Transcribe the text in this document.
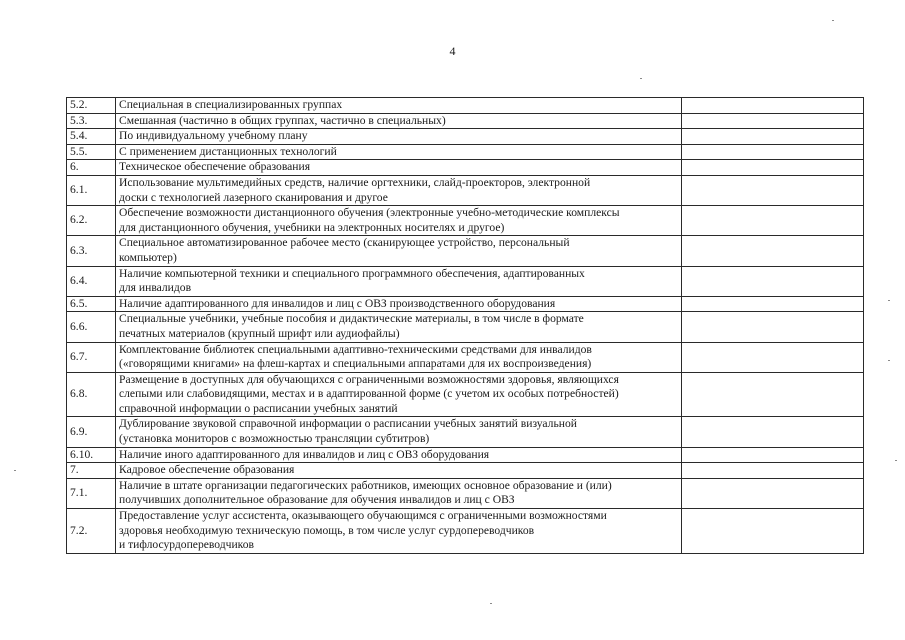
4
5.2.	Специальная в специализированных группах	
5.3.	Смешанная (частично в общих группах, частично в специальных)	
5.4.	По индивидуальному учебному плану	
5.5.	С применением дистанционных технологий	
6.	Техническое обеспечение образования	
6.1.	Использование мультимедийных средств, наличие оргтехники, слайд-проекторов, электронной
доски с технологией лазерного сканирования и другое	
6.2.	Обеспечение возможности дистанционного обучения (электронные учебно-методические комплексы
для дистанционного обучения, учебники на электронных носителях и другое)	
6.3.	Специальное автоматизированное рабочее место (сканирующее устройство, персональный
компьютер)	
6.4.	Наличие компьютерной техники и специального программного обеспечения, адаптированных
для инвалидов	
6.5.	Наличие адаптированного для инвалидов и лиц с ОВЗ производственного оборудования	
6.6.	Специальные учебники, учебные пособия и дидактические материалы, в том числе в формате
печатных материалов (крупный шрифт или аудиофайлы)	
6.7.	Комплектование библиотек специальными адаптивно-техническими средствами для инвалидов
(«говорящими книгами» на флеш-картах и специальными аппаратами для их воспроизведения)	
6.8.	Размещение в доступных для обучающихся с ограниченными возможностями здоровья, являющихся
слепыми или слабовидящими, местах и в адаптированной форме (с учетом их особых потребностей)
справочной информации о расписании учебных занятий	
6.9.	Дублирование звуковой справочной информации о расписании учебных занятий визуальной
(установка мониторов с возможностью трансляции субтитров)	
6.10.	Наличие иного адаптированного для инвалидов и лиц с ОВЗ оборудования	
7.	Кадровое обеспечение образования	
7.1.	Наличие в штате организации педагогических работников, имеющих основное образование и (или)
получивших дополнительное образование для обучения инвалидов и лиц с ОВЗ	
7.2.	Предоставление услуг ассистента, оказывающего обучающимся с ограниченными возможностями
здоровья необходимую техническую помощь, в том числе услуг сурдопереводчиков
и тифлосурдопереводчиков	
